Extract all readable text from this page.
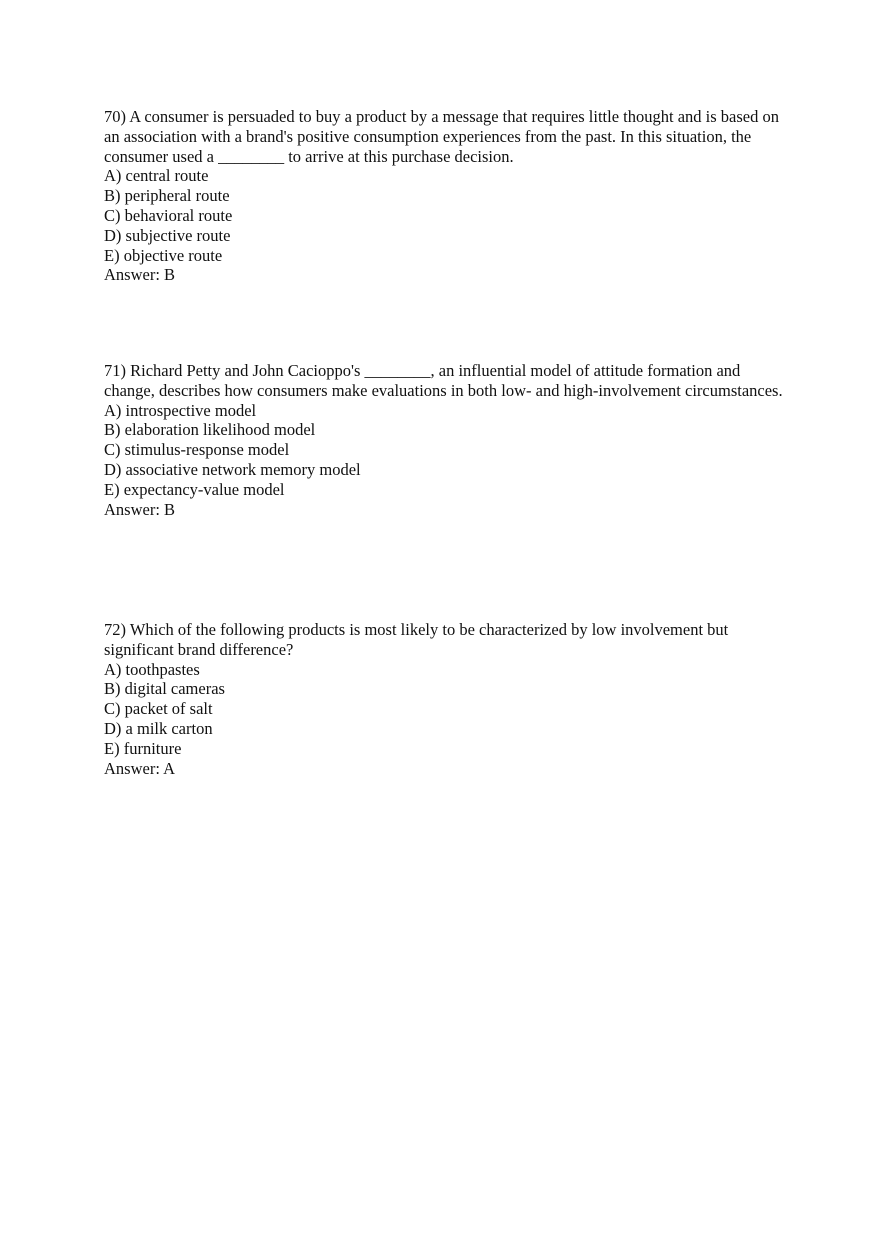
70) A consumer is persuaded to buy a product by a message that requires little thought and is based on an association with a brand's positive consumption experiences from the past. In this situation, the consumer used a ________ to arrive at this purchase decision.
A) central route
B) peripheral route
C) behavioral route
D) subjective route
E) objective route
Answer: B
71) Richard Petty and John Cacioppo's ________, an influential model of attitude formation and change, describes how consumers make evaluations in both low- and high-involvement circumstances.
A) introspective model
B) elaboration likelihood model
C) stimulus-response model
D) associative network memory model
E) expectancy-value model
Answer: B
72) Which of the following products is most likely to be characterized by low involvement but significant brand difference?
A) toothpastes
B) digital cameras
C) packet of salt
D) a milk carton
E) furniture
Answer: A
